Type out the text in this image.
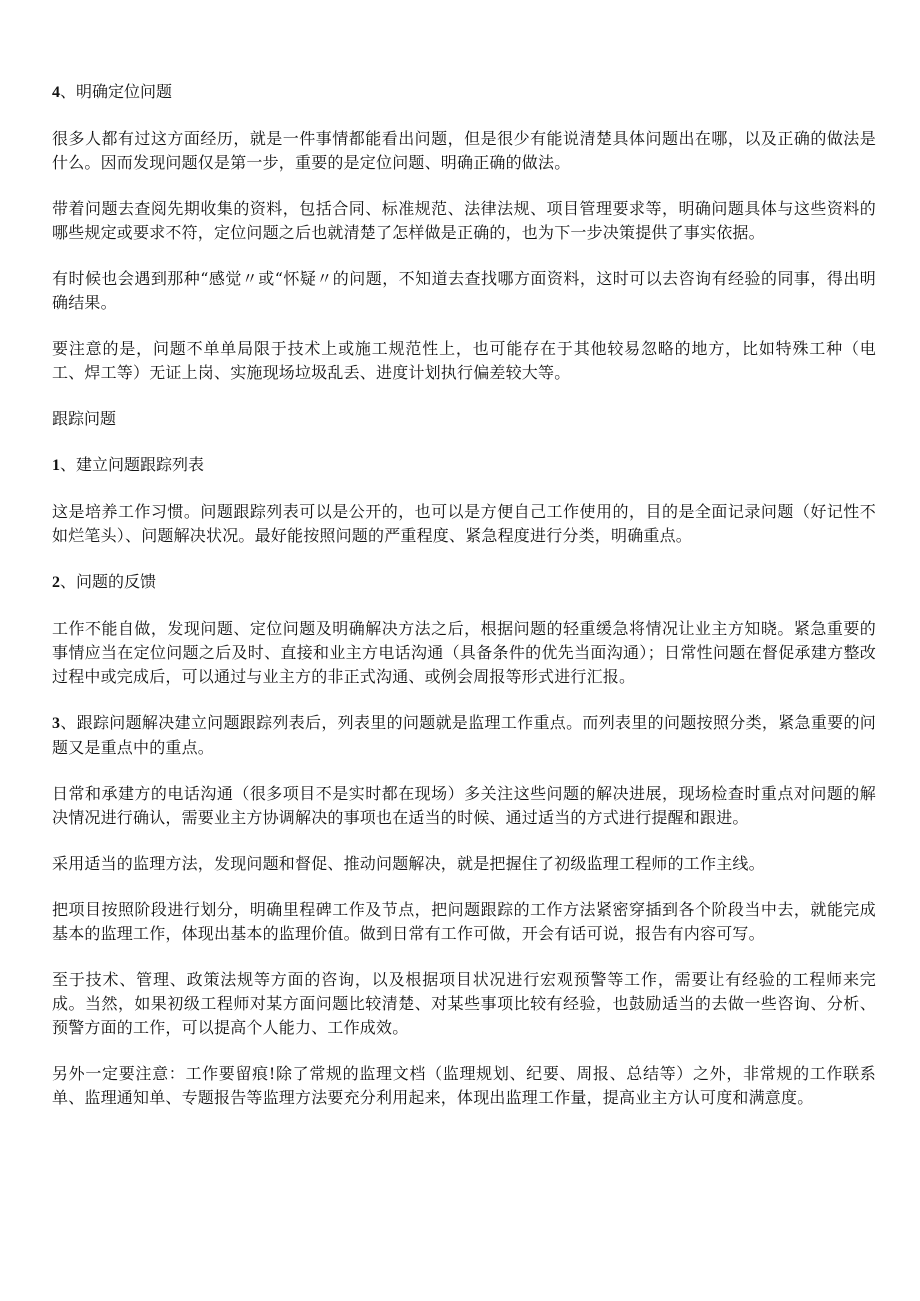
4、明确定位问题

很多人都有过这方面经历，就是一件事情都能看出问题，但是很少有能说清楚具体问题出在哪，以及正确的做法是什么。因而发现问题仅是第一步，重要的是定位问题、明确正确的做法。

带着问题去查阅先期收集的资料，包括合同、标准规范、法律法规、项目管理要求等，明确问题具体与这些资料的哪些规定或要求不符，定位问题之后也就清楚了怎样做是正确的，也为下一步决策提供了事实依据。

有时候也会遇到那种“感觉〃或“怀疑〃的问题，不知道去查找哪方面资料，这时可以去咨询有经验的同事，得出明确结果。

要注意的是，问题不单单局限于技术上或施工规范性上，也可能存在于其他较易忽略的地方，比如特殊工种（电工、焊工等）无证上岗、实施现场垃圾乱丢、进度计划执行偏差较大等。

跟踪问题

1、建立问题跟踪列表

这是培养工作习惯。问题跟踪列表可以是公开的，也可以是方便自己工作使用的，目的是全面记录问题（好记性不如烂笔头）、问题解决状况。最好能按照问题的严重程度、紧急程度进行分类，明确重点。

2、问题的反馈

工作不能自做，发现问题、定位问题及明确解决方法之后，根据问题的轻重缓急将情况让业主方知晓。紧急重要的事情应当在定位问题之后及时、直接和业主方电话沟通（具备条件的优先当面沟通）；日常性问题在督促承建方整改过程中或完成后，可以通过与业主方的非正式沟通、或例会周报等形式进行汇报。

3、跟踪问题解决建立问题跟踪列表后，列表里的问题就是监理工作重点。而列表里的问题按照分类，紧急重要的问题又是重点中的重点。

日常和承建方的电话沟通（很多项目不是实时都在现场）多关注这些问题的解决进展，现场检查时重点对问题的解决情况进行确认，需要业主方协调解决的事项也在适当的时候、通过适当的方式进行提醒和跟进。

采用适当的监理方法，发现问题和督促、推动问题解决，就是把握住了初级监理工程师的工作主线。

把项目按照阶段进行划分，明确里程碑工作及节点，把问题跟踪的工作方法紧密穿插到各个阶段当中去，就能完成基本的监理工作，体现出基本的监理价值。做到日常有工作可做，开会有话可说，报告有内容可写。

至于技术、管理、政策法规等方面的咨询，以及根据项目状况进行宏观预警等工作，需要让有经验的工程师来完成。当然，如果初级工程师对某方面问题比较清楚、对某些事项比较有经验，也鼓励适当的去做一些咨询、分析、预警方面的工作，可以提高个人能力、工作成效。

另外一定要注意：工作要留痕!除了常规的监理文档（监理规划、纪要、周报、总结等）之外，非常规的工作联系单、监理通知单、专题报告等监理方法要充分利用起来，体现出监理工作量，提高业主方认可度和满意度。
